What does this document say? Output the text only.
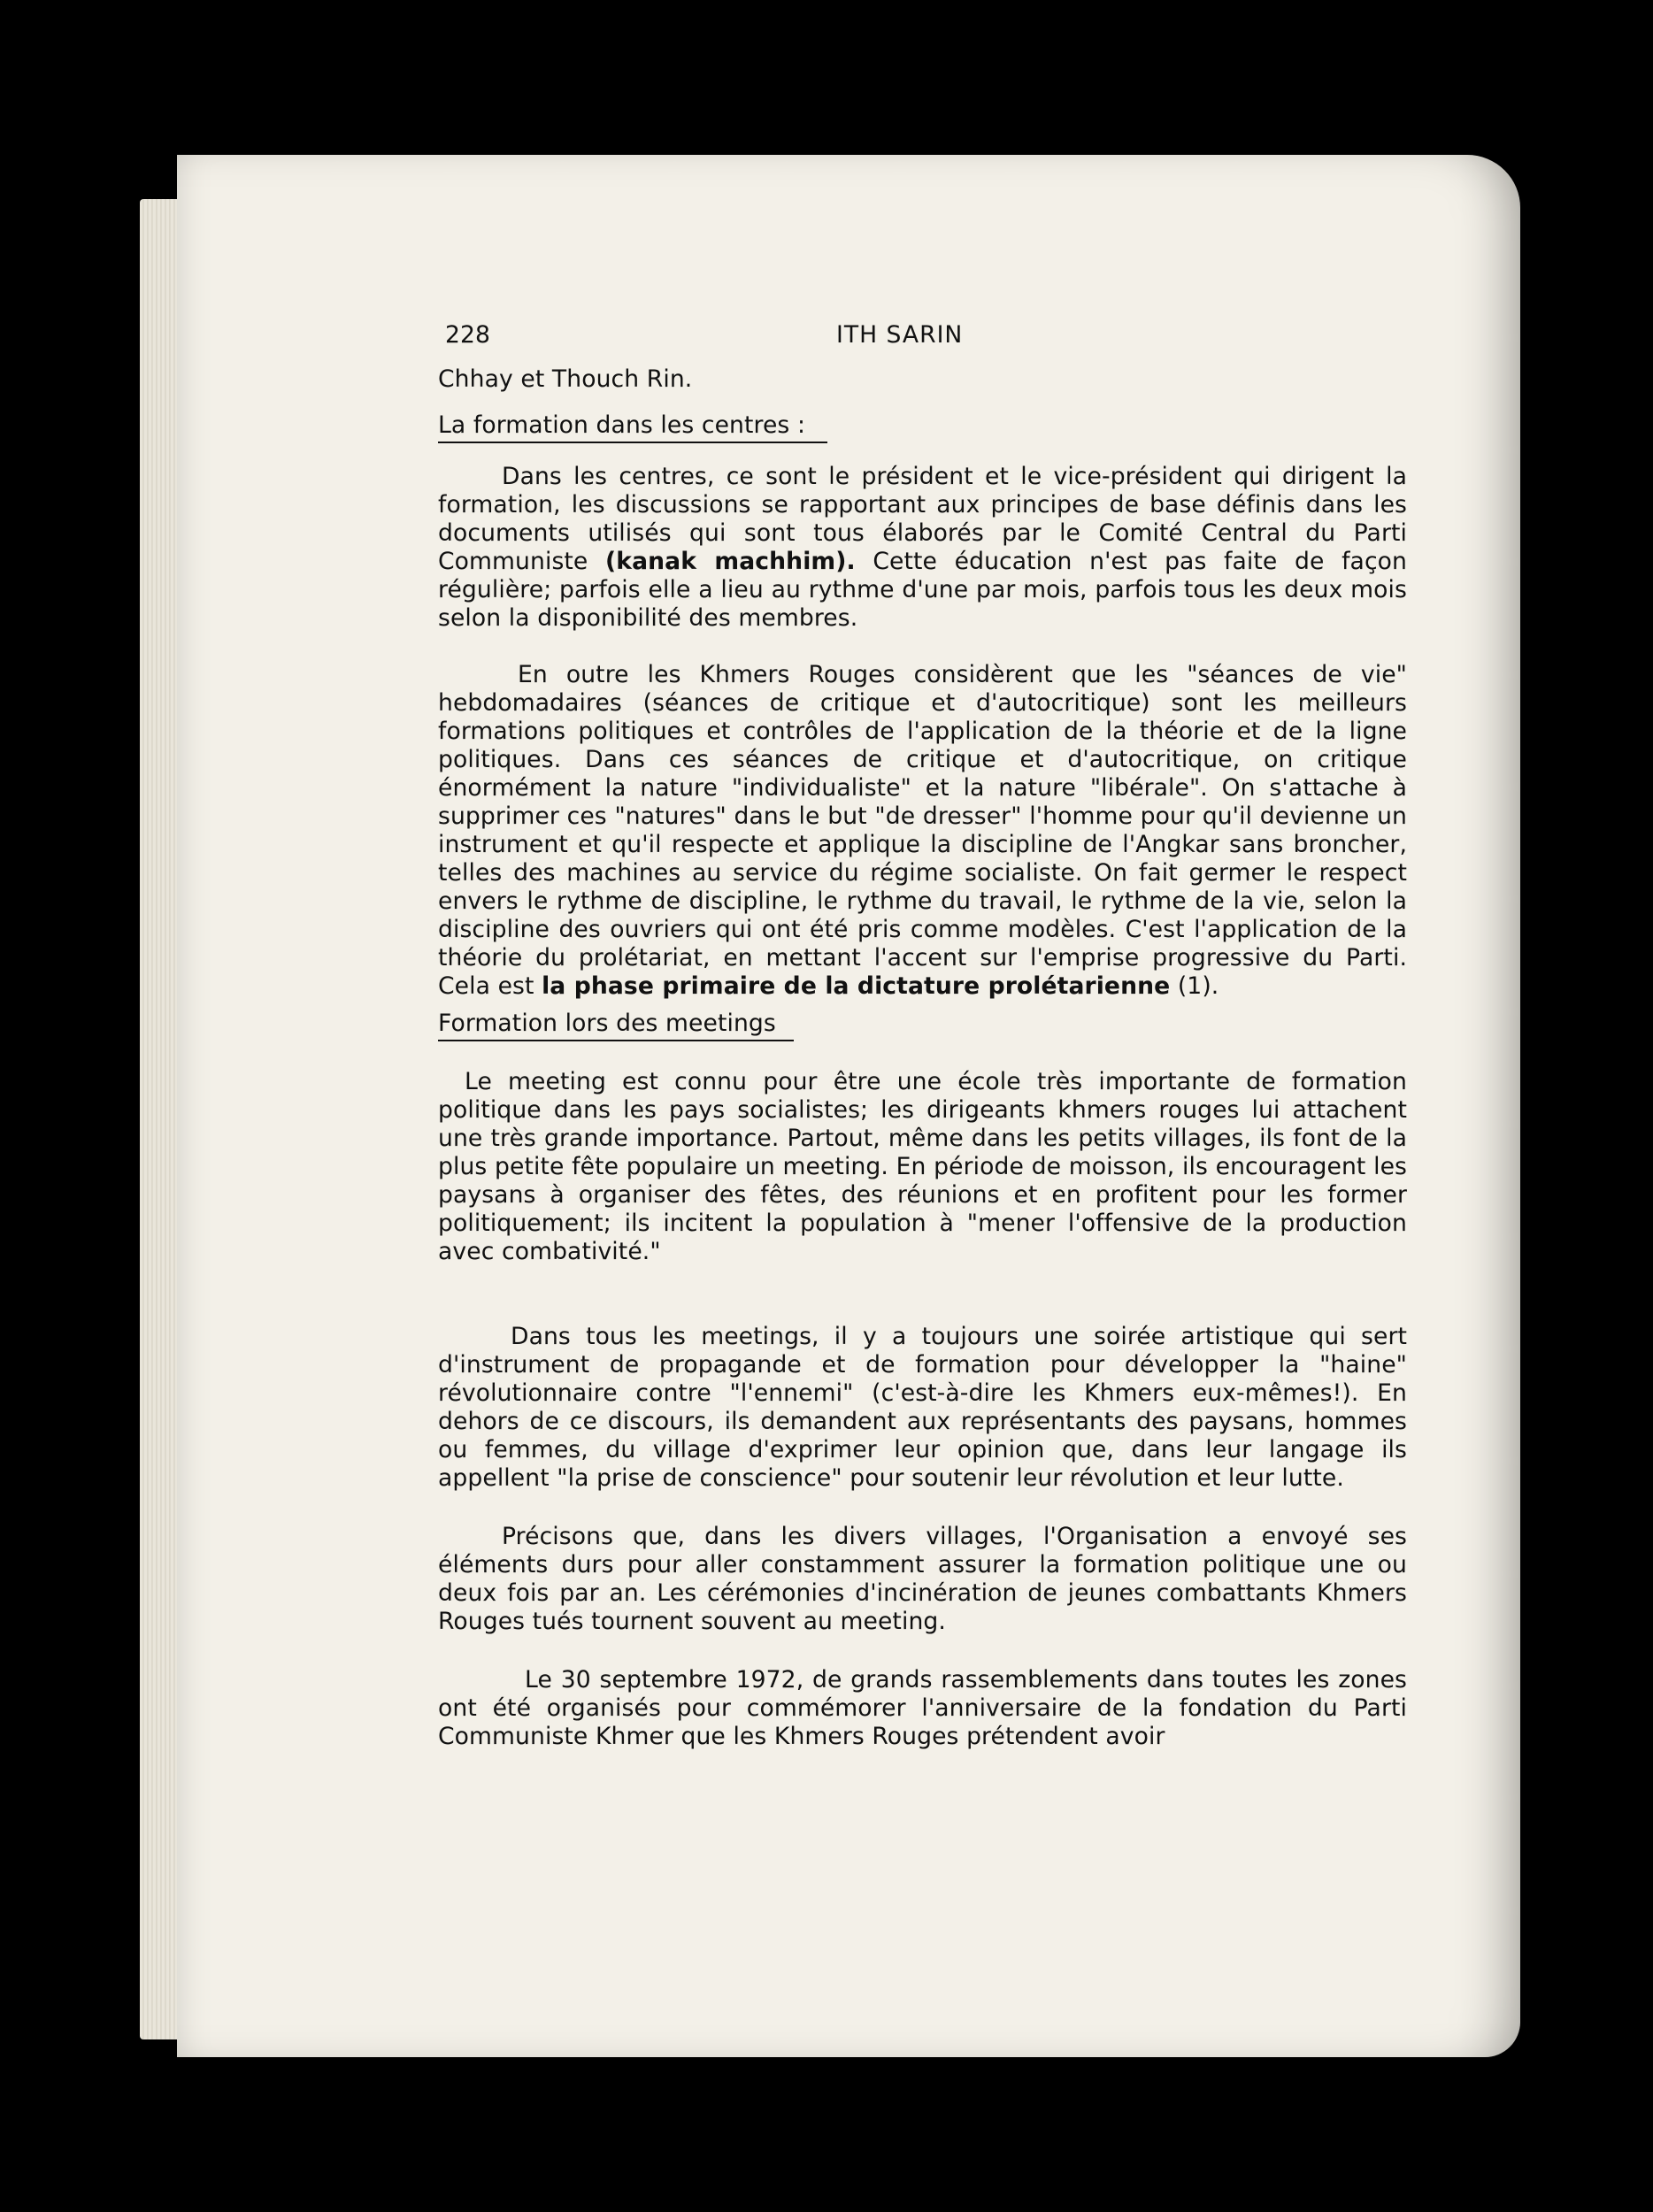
228	ITH SARIN

Chhay et Thouch Rin.

La formation dans les centres :

Dans les centres, ce sont le président et le vice-président qui dirigent la formation, les discussions se rapportant aux principes de base définis dans les documents utilisés qui sont tous élaborés par le Comité Central du Parti Communiste (kanak machhim). Cette éducation n'est pas faite de façon régulière; parfois elle a lieu au rythme d'une par mois, parfois tous les deux mois selon la disponibilité des membres.

En outre les Khmers Rouges considèrent que les "séances de vie" hebdomadaires (séances de critique et d'autocritique) sont les meilleurs formations politiques et contrôles de l'application de la théorie et de la ligne politiques. Dans ces séances de critique et d'autocritique, on critique énormément la nature "individualiste" et la nature "libérale". On s'attache à supprimer ces "natures" dans le but "de dresser" l'homme pour qu'il devienne un instrument et qu'il respecte et applique la discipline de l'Angkar sans broncher, telles des machines au service du régime socialiste. On fait germer le respect envers le rythme de discipline, le rythme du travail, le rythme de la vie, selon la discipline des ouvriers qui ont été pris comme modèles. C'est l'application de la théorie du prolétariat, en mettant l'accent sur l'emprise progressive du Parti. Cela est la phase primaire de la dictature prolétarienne (1).

Formation lors des meetings

Le meeting est connu pour être une école très importante de formation politique dans les pays socialistes; les dirigeants khmers rouges lui attachent une très grande importance. Partout, même dans les petits villages, ils font de la plus petite fête populaire un meeting. En période de moisson, ils encouragent les paysans à organiser des fêtes, des réunions et en profitent pour les former politiquement; ils incitent la population à "mener l'offensive de la production avec combativité."

Dans tous les meetings, il y a toujours une soirée artistique qui sert d'instrument de propagande et de formation pour développer la "haine" révolutionnaire contre "l'ennemi" (c'est-à-dire les Khmers eux-mêmes!). En dehors de ce discours, ils demandent aux représentants des paysans, hommes ou femmes, du village d'exprimer leur opinion que, dans leur langage ils appellent "la prise de conscience" pour soutenir leur révolution et leur lutte.

Précisons que, dans les divers villages, l'Organisation a envoyé ses éléments durs pour aller constamment assurer la formation politique une ou deux fois par an. Les cérémonies d'incinération de jeunes combattants Khmers Rouges tués tournent souvent au meeting.

Le 30 septembre 1972, de grands rassemblements dans toutes les zones ont été organisés pour commémorer l'anniversaire de la fondation du Parti Communiste Khmer que les Khmers Rouges prétendent avoir
